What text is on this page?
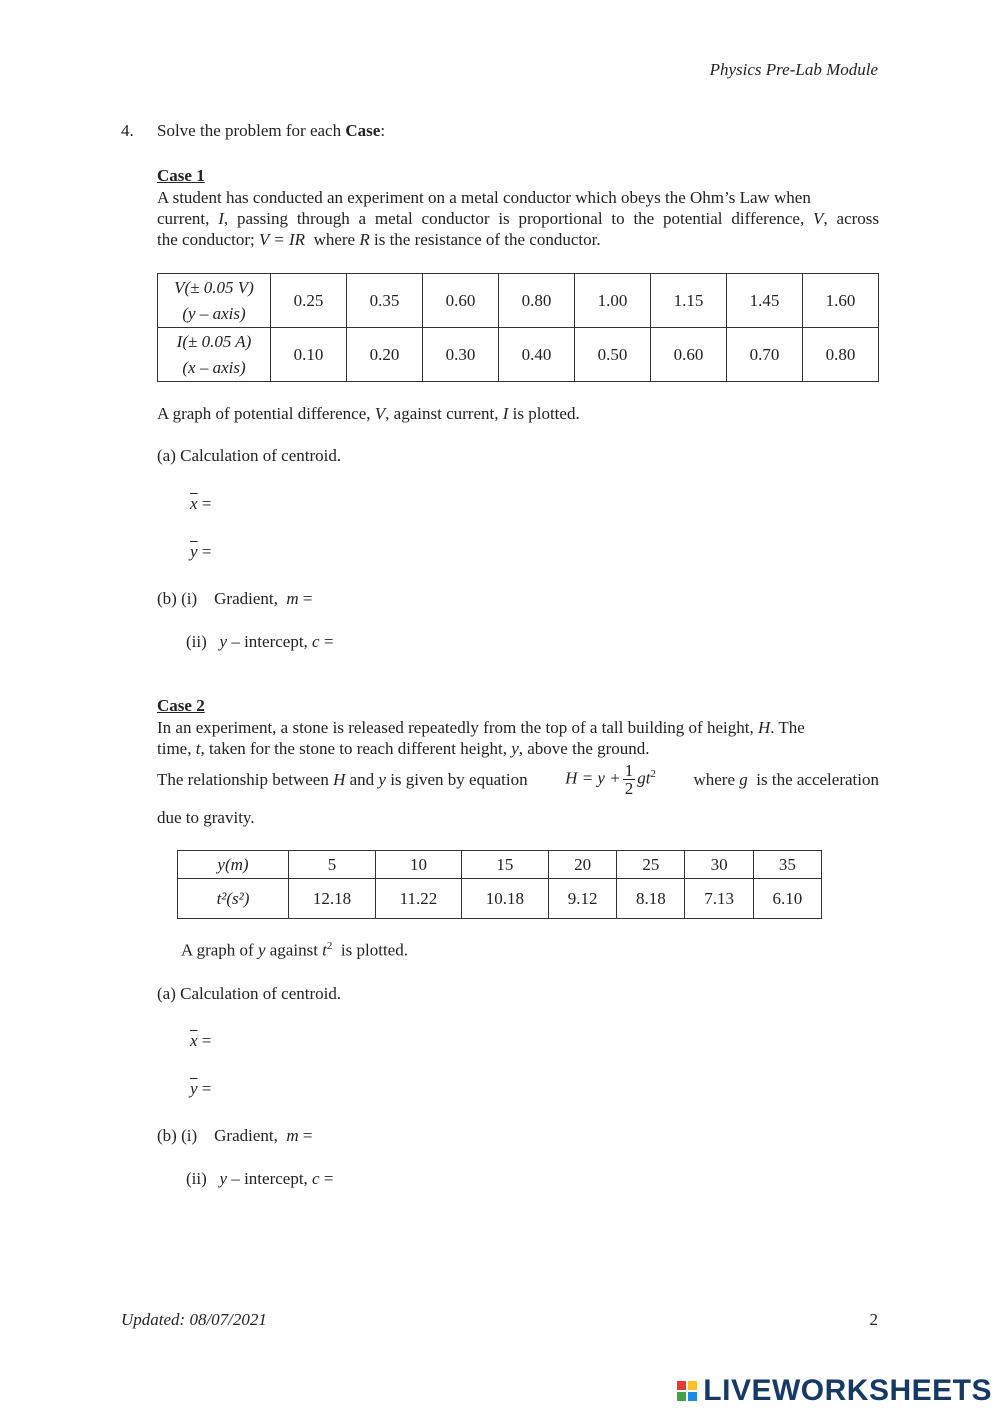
Physics Pre-Lab Module
4. Solve the problem for each Case:
Case 1
A student has conducted an experiment on a metal conductor which obeys the Ohm’s Law when
current, I, passing through a metal conductor is proportional to the potential difference, V, across
the conductor; V = IR where R is the resistance of the conductor.
V(± 0.05 V)
(y – axis)	0.25	0.35	0.60	0.80	1.00	1.15	1.45	1.60

I(± 0.05 A)
(x – axis)	0.10	0.20	0.30	0.40	0.50	0.60	0.70	0.80
A graph of potential difference, V, against current, I is plotted.
(a) Calculation of centroid.
$\overline{x}$ =
$\overline{y}$ =
(b) (i) Gradient, m =
(ii) y – intercept, c =
Case 2
In an experiment, a stone is released repeatedly from the top of a tall building of height, H. The
time, t, taken for the stone to reach different height, y, above the ground.
The relationship between H and y is given by equation $H = y + \frac{1}{2} gt^2$ where g is the acceleration
due to gravity.
y(m)	5	10	15	20	25	30	35
t²(s²)	12.18	11.22	10.18	9.12	8.18	7.13	6.10
A graph of y against $t^2$ is plotted.
(a) Calculation of centroid.
$\overline{x}$ =
$\overline{y}$ =
(b) (i) Gradient, m =
(ii) y – intercept, c =
Updated: 08/07/2021	2
LIVEWORKSHEETS
